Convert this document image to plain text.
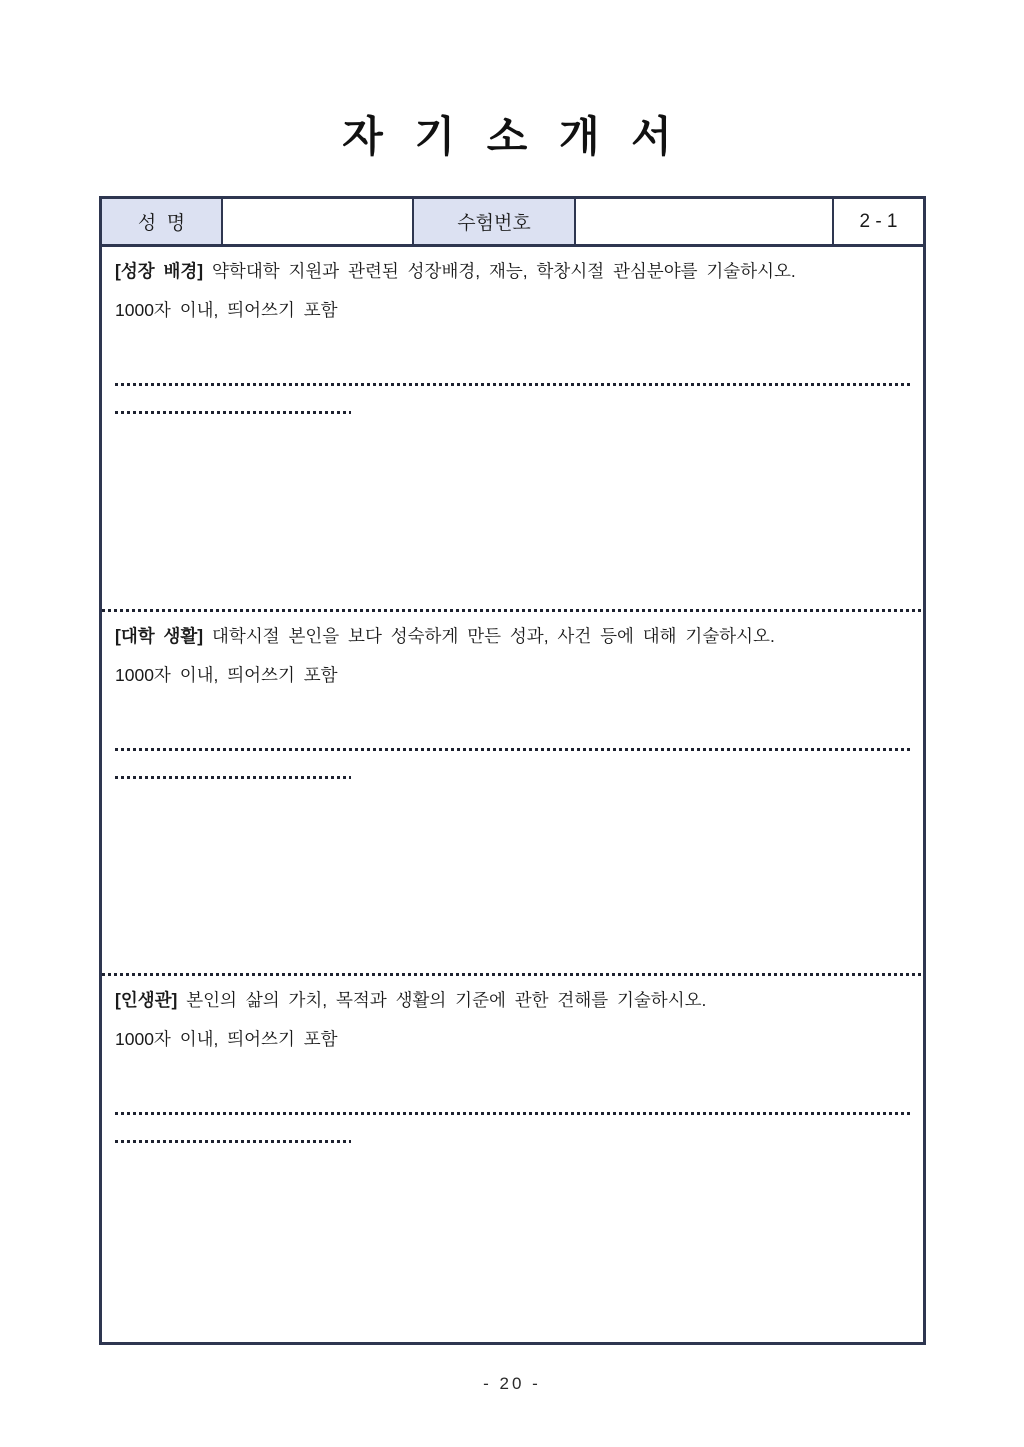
자 기 소 개 서
성  명	수험번호	2 - 1

[성장 배경] 약학대학 지원과 관련된 성장배경, 재능, 학창시절 관심분야를 기술하시오.

1000자 이내, 띄어쓰기 포함

[대학 생활] 대학시절 본인을 보다 성숙하게 만든 성과, 사건 등에 대해 기술하시오.

1000자 이내, 띄어쓰기 포함

[인생관] 본인의 삶의 가치, 목적과 생활의 기준에 관한 견해를 기술하시오.

1000자 이내, 띄어쓰기 포함

- 20 -
